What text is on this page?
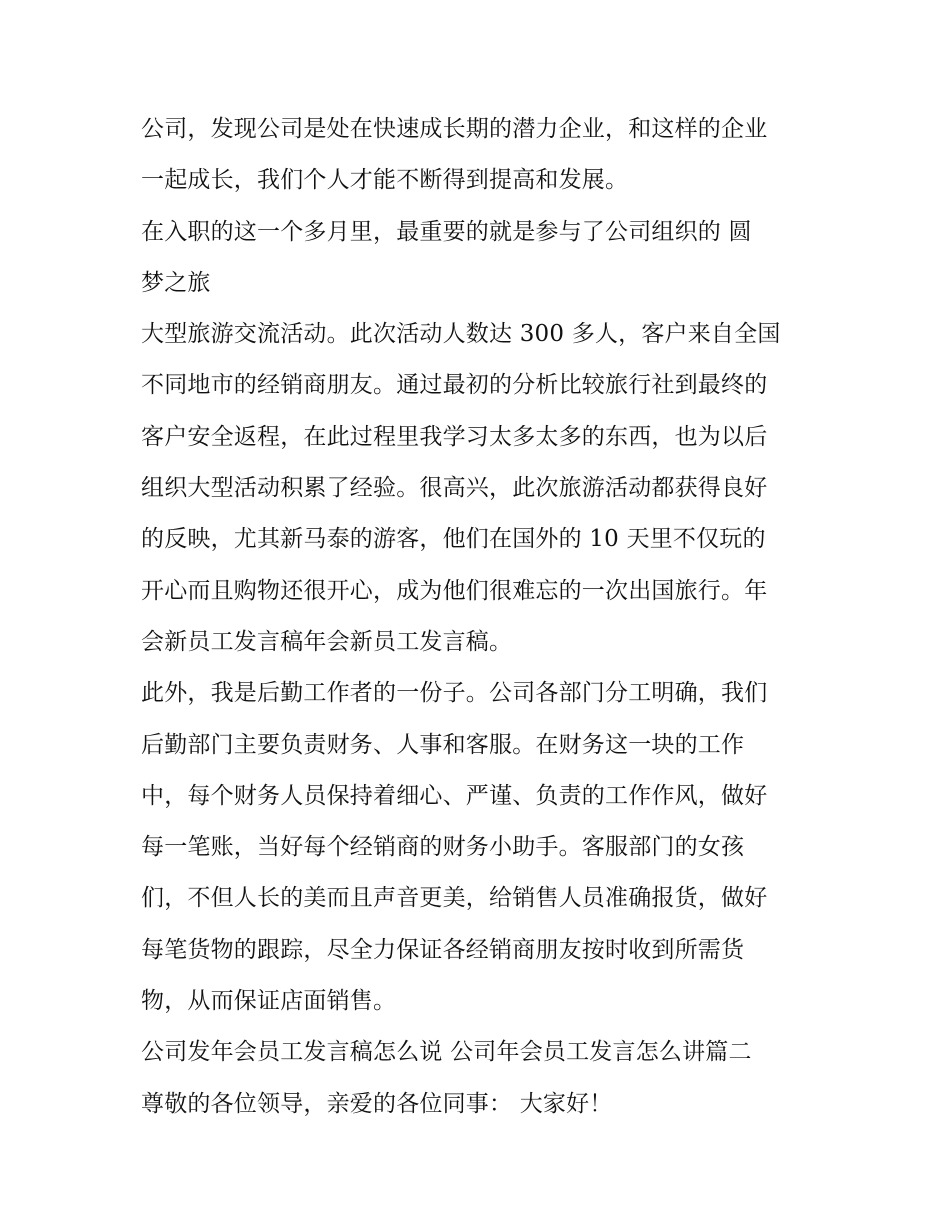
公司，发现公司是处在快速成长期的潜力企业，和这样的企业

一起成长，我们个人才能不断得到提高和发展。

在入职的这一个多月里，最重要的就是参与了公司组织的 圆

梦之旅

大型旅游交流活动。此次活动人数达 300 多人，客户来自全国

不同地市的经销商朋友。通过最初的分析比较旅行社到最终的

客户安全返程，在此过程里我学习太多太多的东西，也为以后

组织大型活动积累了经验。很高兴，此次旅游活动都获得良好

的反映，尤其新马泰的游客，他们在国外的 10 天里不仅玩的

开心而且购物还很开心，成为他们很难忘的一次出国旅行。年

会新员工发言稿年会新员工发言稿。

此外，我是后勤工作者的一份子。公司各部门分工明确，我们

后勤部门主要负责财务、人事和客服。在财务这一块的工作

中，每个财务人员保持着细心、严谨、负责的工作作风，做好

每一笔账，当好每个经销商的财务小助手。客服部门的女孩

们，不但人长的美而且声音更美，给销售人员准确报货，做好

每笔货物的跟踪，尽全力保证各经销商朋友按时收到所需货

物，从而保证店面销售。

公司发年会员工发言稿怎么说 公司年会员工发言怎么讲篇二

尊敬的各位领导，亲爱的各位同事： 大家好！
